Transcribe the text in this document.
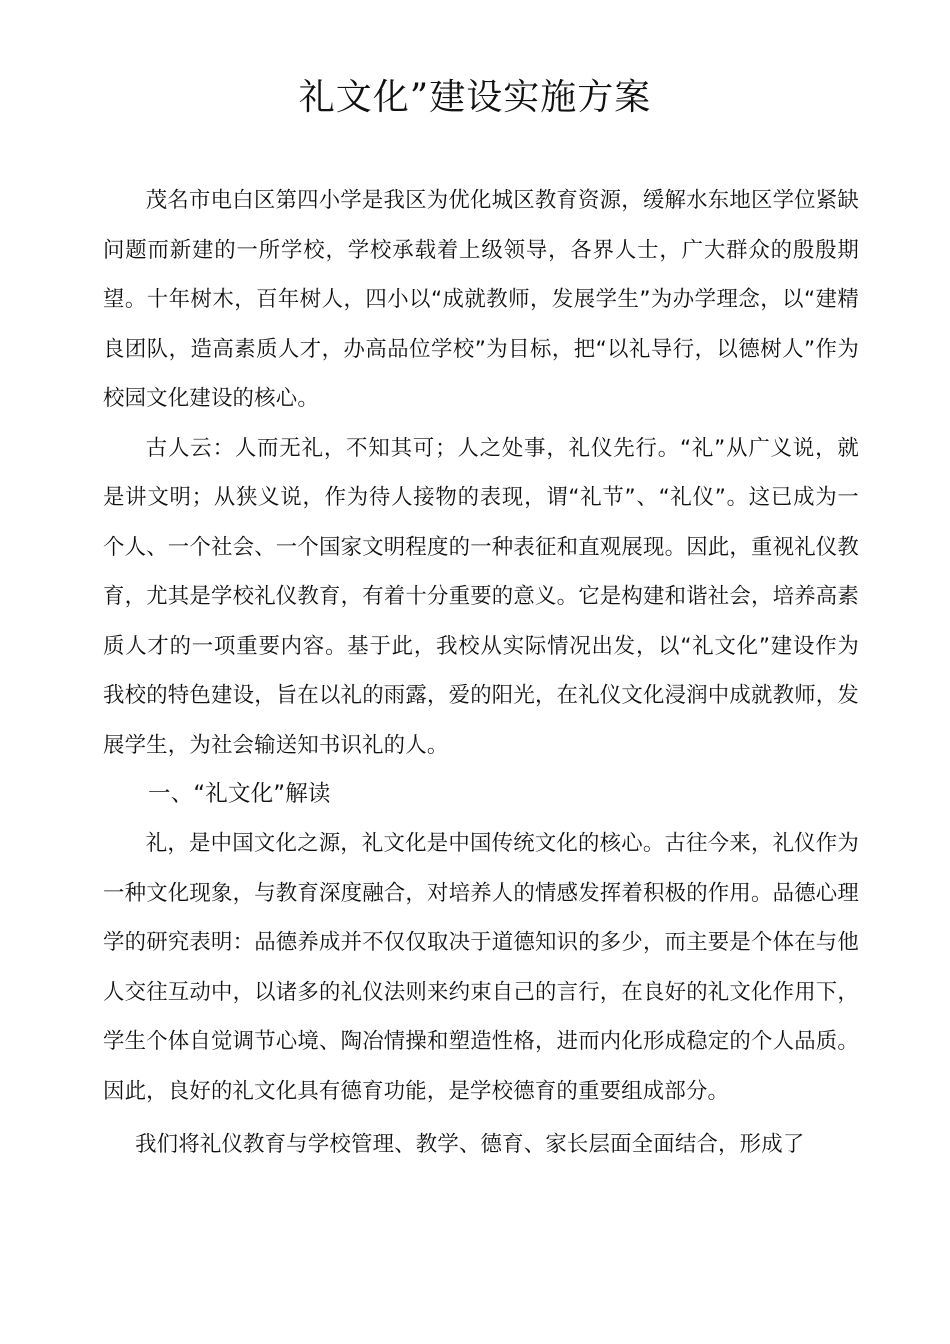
礼文化”建设实施方案

茂名市电白区第四小学是我区为优化城区教育资源，缓解水东地区学位紧缺问题而新建的一所学校，学校承载着上级领导，各界人士，广大群众的殷殷期望。十年树木，百年树人，四小以“成就教师，发展学生”为办学理念，以“建精良团队，造高素质人才，办高品位学校”为目标，把“以礼导行，以德树人”作为校园文化建设的核心。

古人云：人而无礼，不知其可；人之处事，礼仪先行。“礼”从广义说，就是讲文明；从狭义说，作为待人接物的表现，谓“礼节”、“礼仪”。这已成为一个人、一个社会、一个国家文明程度的一种表征和直观展现。因此，重视礼仪教育，尤其是学校礼仪教育，有着十分重要的意义。它是构建和谐社会，培养高素质人才的一项重要内容。基于此，我校从实际情况出发，以“礼文化”建设作为我校的特色建设，旨在以礼的雨露，爱的阳光，在礼仪文化浸润中成就教师，发展学生，为社会输送知书识礼的人。

一、“礼文化”解读

礼，是中国文化之源，礼文化是中国传统文化的核心。古往今来，礼仪作为一种文化现象，与教育深度融合，对培养人的情感发挥着积极的作用。品德心理学的研究表明：品德养成并不仅仅取决于道德知识的多少，而主要是个体在与他人交往互动中，以诸多的礼仪法则来约束自己的言行，在良好的礼文化作用下，学生个体自觉调节心境、陶冶情操和塑造性格，进而内化形成稳定的个人品质。因此，良好的礼文化具有德育功能，是学校德育的重要组成部分。

我们将礼仪教育与学校管理、教学、德育、家长层面全面结合，形成了
